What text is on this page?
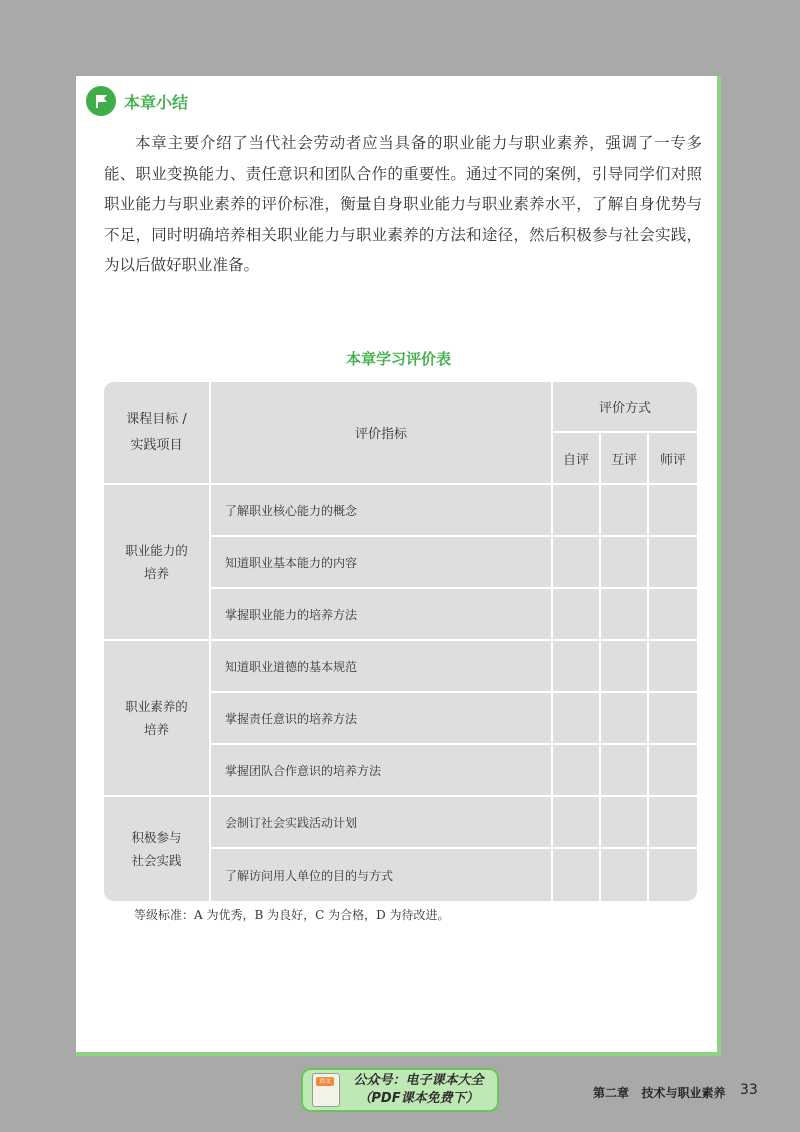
本章小结

本章主要介绍了当代社会劳动者应当具备的职业能力与职业素养，强调了一专多能、职业变换能力、责任意识和团队合作的重要性。通过不同的案例，引导同学们对照职业能力与职业素养的评价标准，衡量自身职业能力与职业素养水平，了解自身优势与不足，同时明确培养相关职业能力与职业素养的方法和途径，然后积极参与社会实践，为以后做好职业准备。

本章学习评价表
课程目标 /
实践项目	评价指标	评价方式		
		自评	互评	师评

职业能力的
培养	了解职业核心能力的概念			
	知道职业基本能力的内容			
	掌握职业能力的培养方法			

职业素养的
培养	知道职业道德的基本规范			
	掌握责任意识的培养方法			
	掌握团队合作意识的培养方法			

积极参与
社会实践	会制订社会实践活动计划			
	了解访问用人单位的目的与方式			
等级标准：A 为优秀，B 为良好，C 为合格，D 为待改进。
语文	公众号：电子课本大全
（PDF课本免费下）	第二章   技术与职业素养 33
